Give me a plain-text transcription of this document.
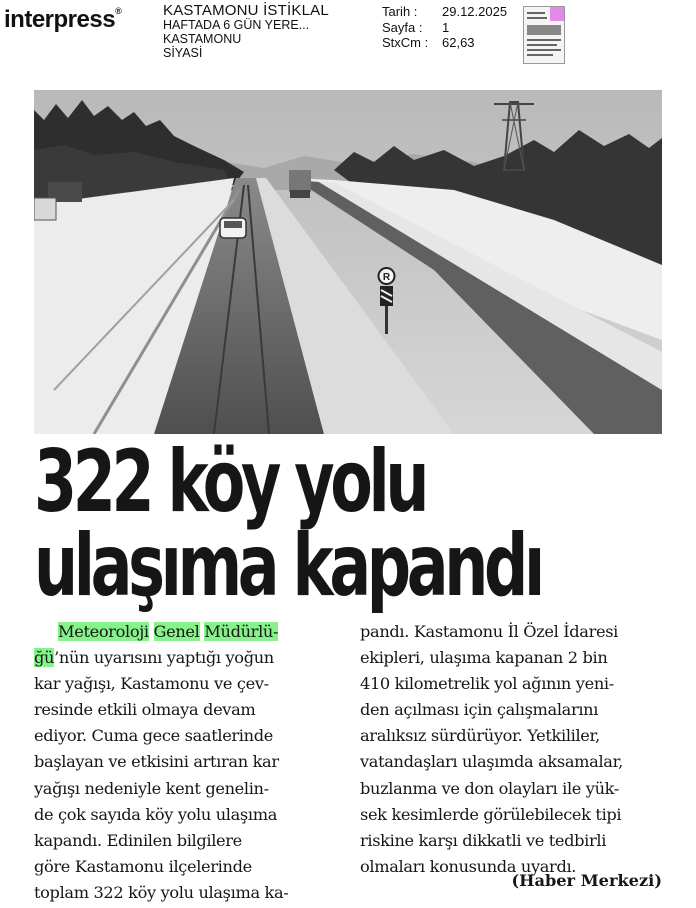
interpress®	KASTAMONU İSTİKLAL
HAFTADA 6 GÜN YERE...
KASTAMONU
SİYASİ
Tarih :	29.12.2025
Sayfa :	1
StxCm :	62,63
R
322 köy yolu
ulaşıma kapandı
Meteoroloji Genel Müdürlü-
ğü’nün uyarısını yaptığı yoğun
kar yağışı, Kastamonu ve çev-
resinde etkili olmaya devam
ediyor. Cuma gece saatlerinde
başlayan ve etkisini artıran kar
yağışı nedeniyle kent genelin-
de çok sayıda köy yolu ulaşıma
kapandı. Edinilen bilgilere
göre Kastamonu ilçelerinde
toplam 322 köy yolu ulaşıma ka-
pandı. Kastamonu İl Özel İdaresi
ekipleri, ulaşıma kapanan 2 bin
410 kilometrelik yol ağının yeni-
den açılması için çalışmalarını
aralıksız sürdürüyor. Yetkililer,
vatandaşları ulaşımda aksamalar,
buzlanma ve don olayları ile yük-
sek kesimlerde görülebilecek tipi
riskine karşı dikkatli ve tedbirli
olmaları konusunda uyardı.
(Haber Merkezi)
